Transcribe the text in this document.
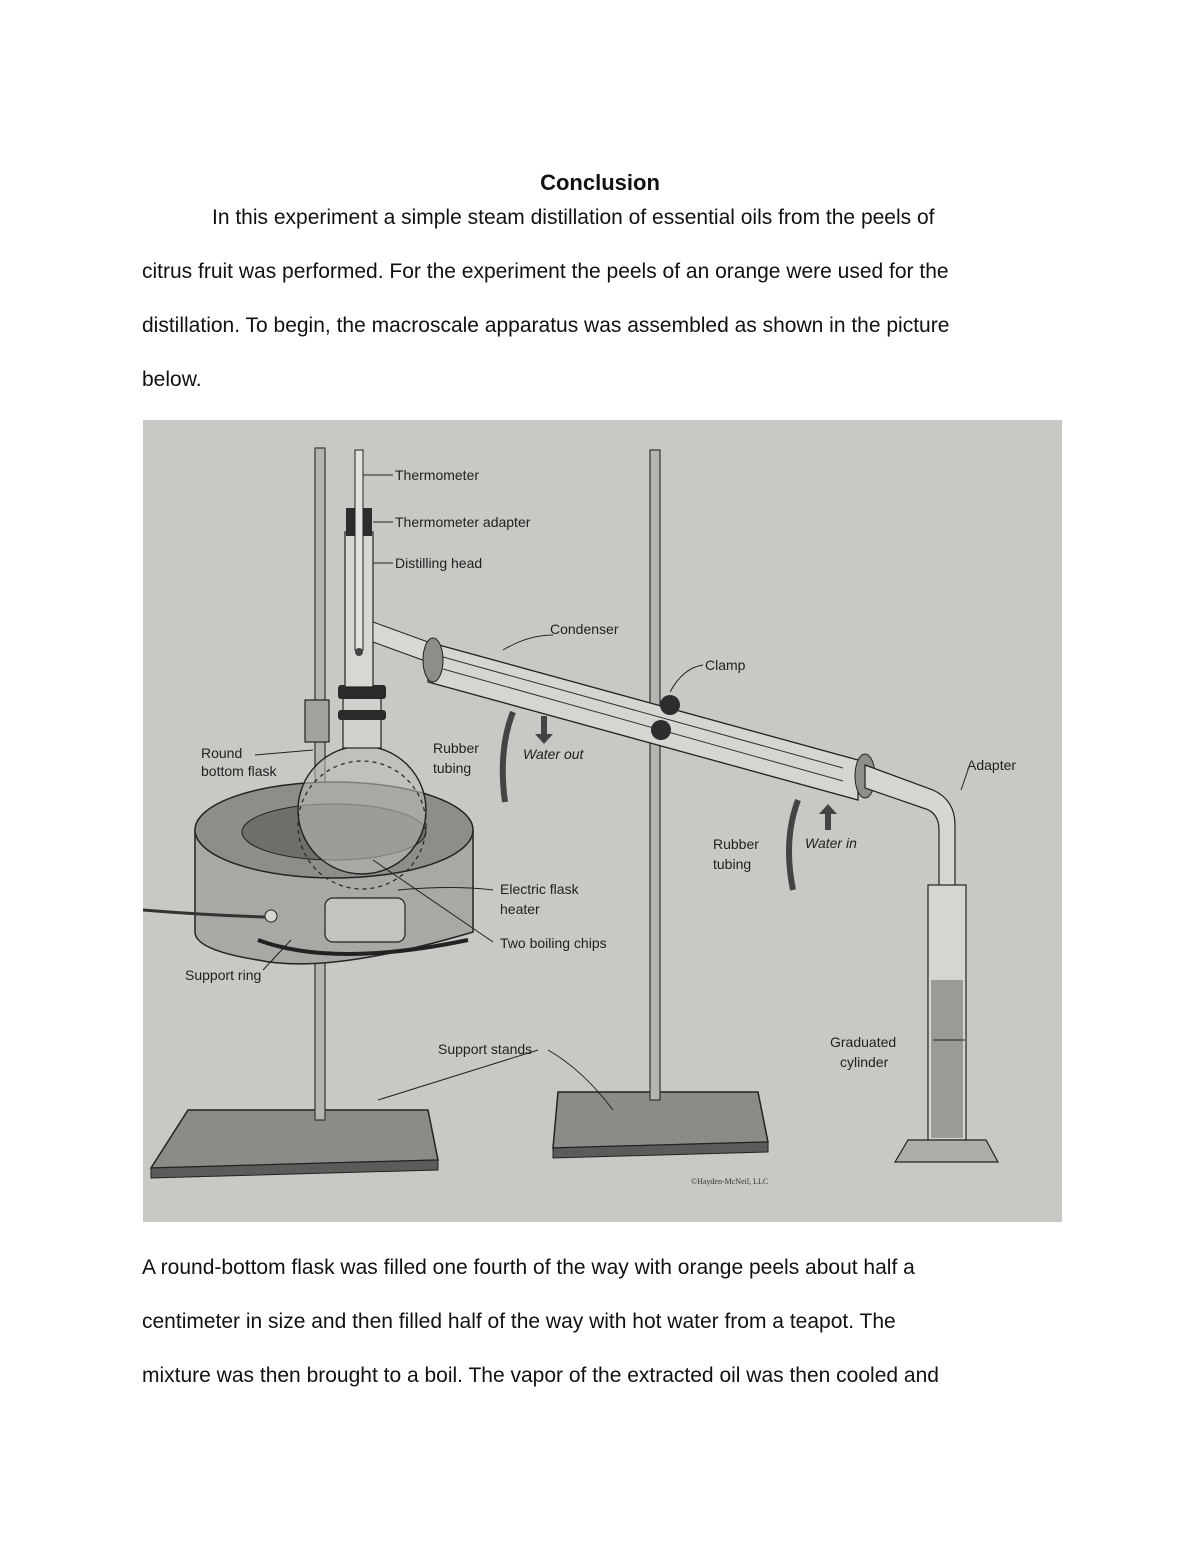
Conclusion

In this experiment a simple steam distillation of essential oils from the peels of
citrus fruit was performed. For the experiment the peels of an orange were used for the
distillation. To begin, the macroscale apparatus was assembled as shown in the picture
below.

Thermometer
Thermometer adapter
Distilling head
Condenser
Clamp
Round
bottom flask
Rubber
tubing
Water out
Adapter
Rubber
tubing
Water in
Electric flask
heater
Two boiling chips
Support ring
Support stands	Graduated
cylinder
©Hayden-McNeil, LLC

A round-bottom flask was filled one fourth of the way with orange peels about half a
centimeter in size and then filled half of the way with hot water from a teapot. The
mixture was then brought to a boil. The vapor of the extracted oil was then cooled and
